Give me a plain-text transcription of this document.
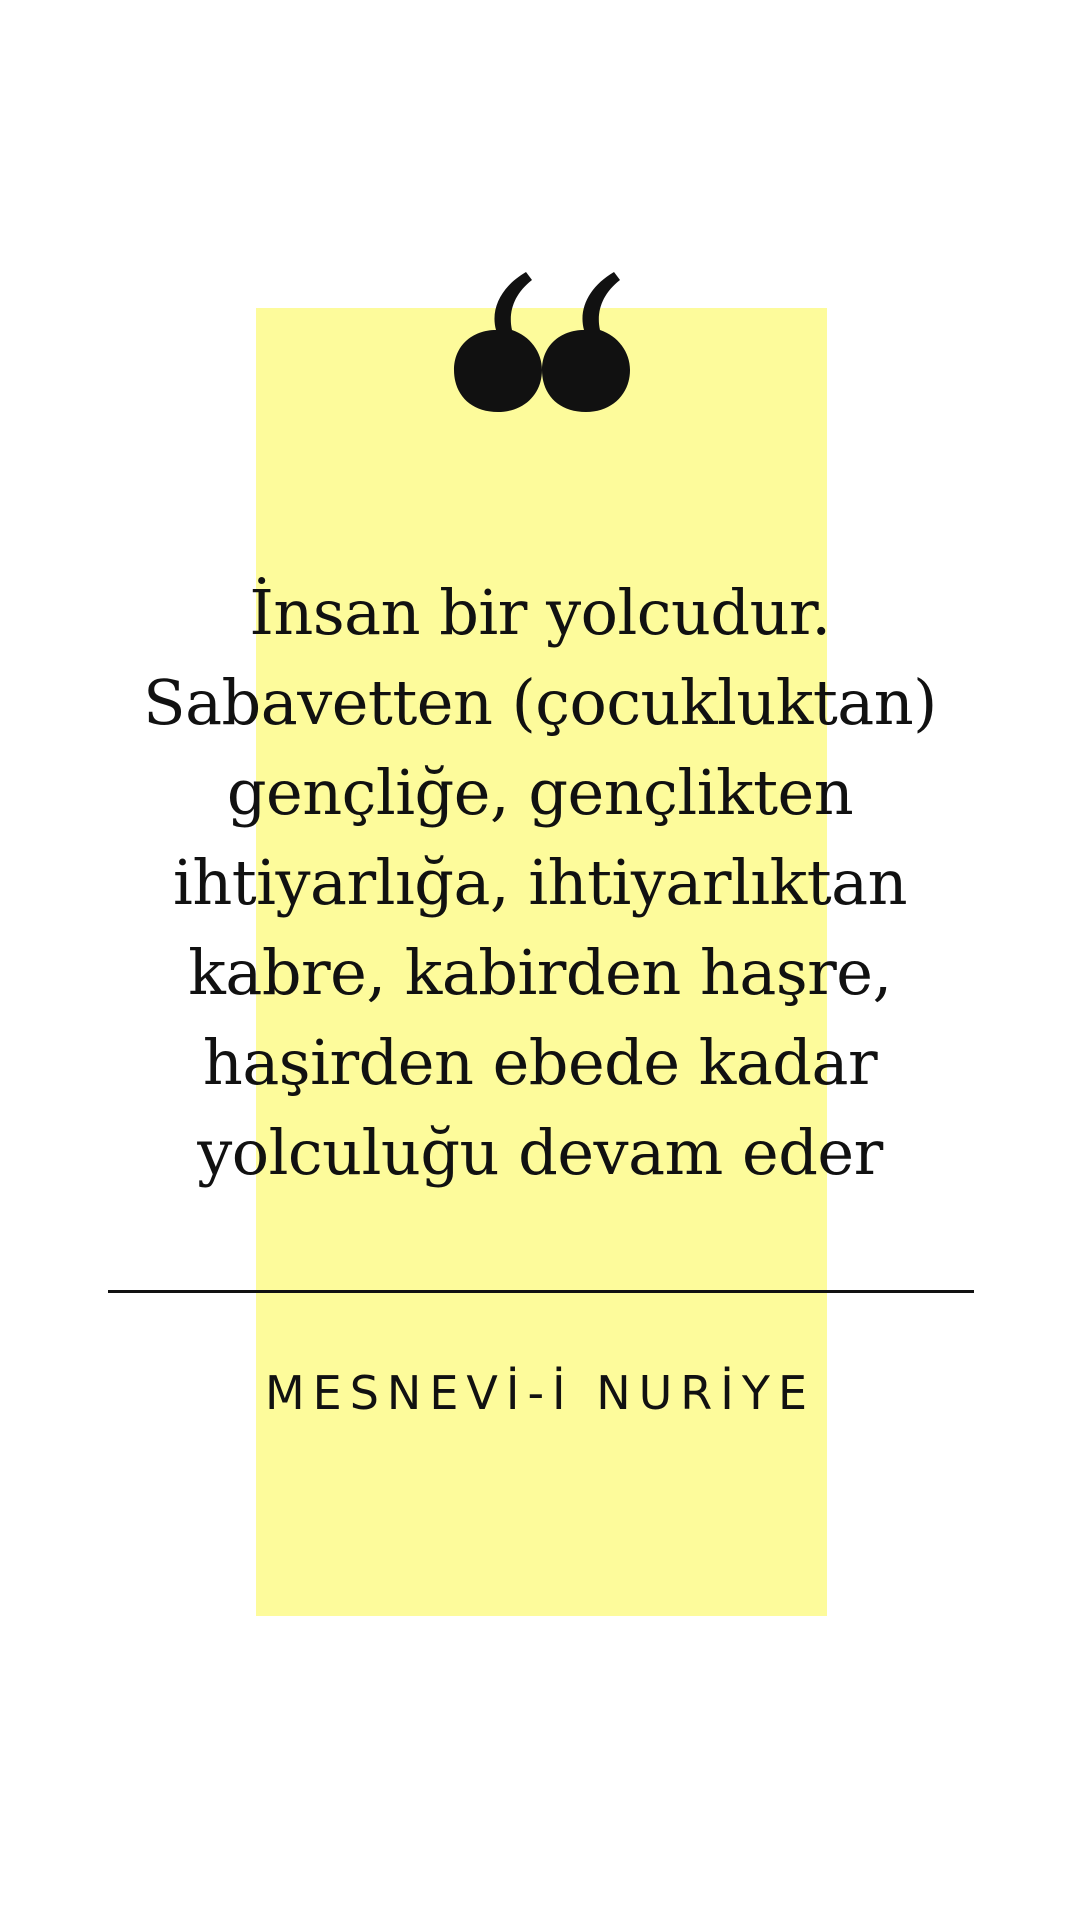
İnsan bir yolcudur.
Sabavetten (çocukluktan)
gençliğe, gençlikten
ihtiyarlığa, ihtiyarlıktan
kabre, kabirden haşre,
haşirden ebede kadar
yolculuğu devam eder

MESNEVİ-İ NURİYE
